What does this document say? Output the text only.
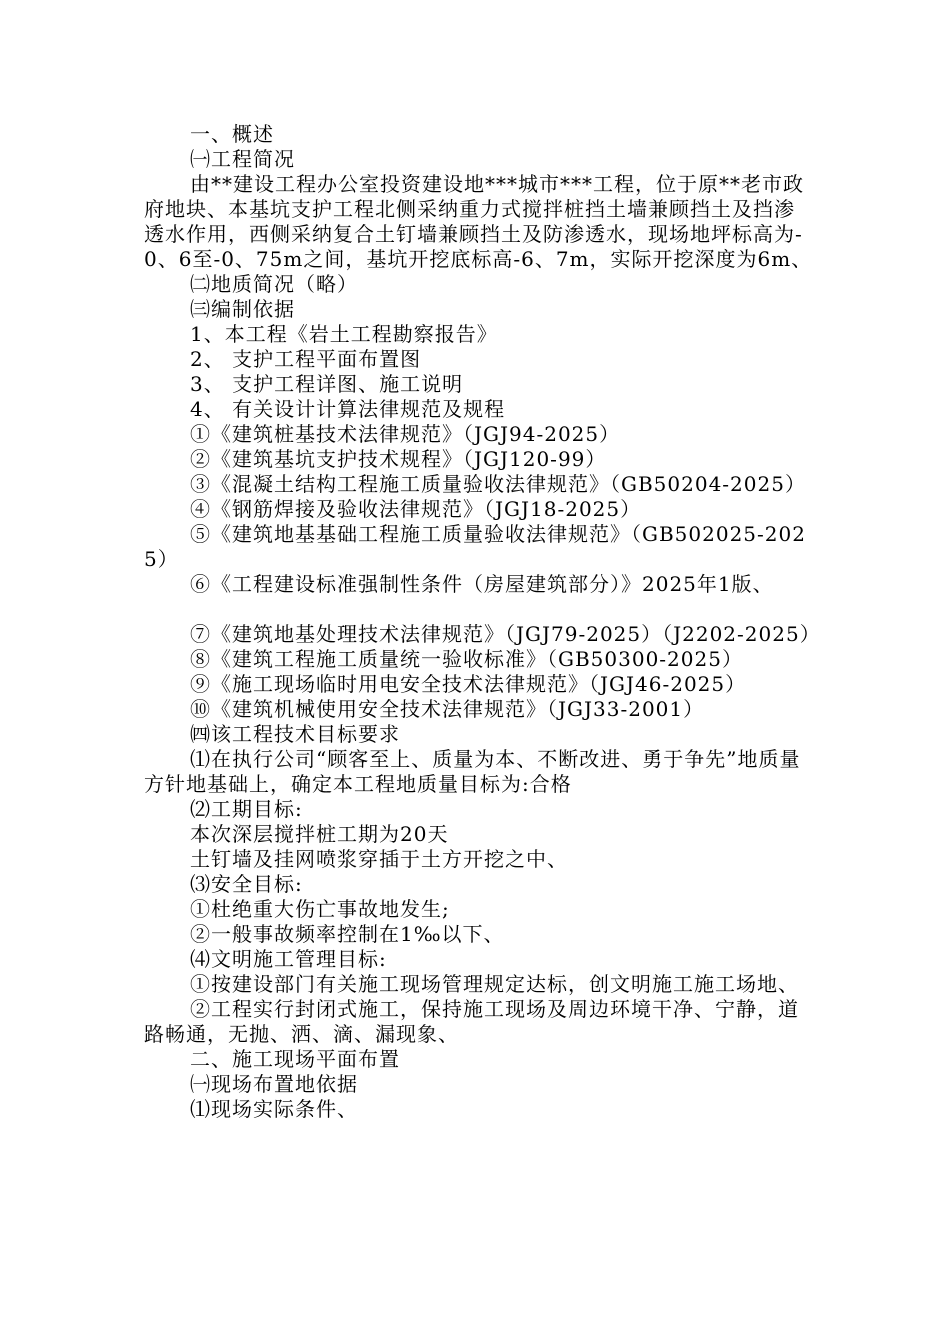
一、概述

㈠工程简况

由**建设工程办公室投资建设地***城市***工程，位于原**老市政府地块、本基坑支护工程北侧采纳重力式搅拌桩挡土墙兼顾挡土及挡渗透水作用，西侧采纳复合土钉墙兼顾挡土及防渗透水，现场地坪标高为-0、6至-0、75m之间，基坑开挖底标高-6、7m，实际开挖深度为6m、

㈡地质简况（略）

㈢编制依据

1、本工程《岩土工程勘察报告》

2、 支护工程平面布置图

3、 支护工程详图、施工说明

4、 有关设计计算法律规范及规程

①《建筑桩基技术法律规范》（JGJ94-2025）

②《建筑基坑支护技术规程》（JGJ120-99）

③《混凝土结构工程施工质量验收法律规范》（GB50204-2025）

④《钢筋焊接及验收法律规范》（JGJ18-2025）

⑤《建筑地基基础工程施工质量验收法律规范》（GB502025-2025）

⑥《工程建设标准强制性条件（房屋建筑部分）》2025年1版、

⑦《建筑地基处理技术法律规范》（JGJ79-2025）（J2202-2025）

⑧《建筑工程施工质量统一验收标准》（GB50300-2025）

⑨《施工现场临时用电安全技术法律规范》（JGJ46-2025）

⑩《建筑机械使用安全技术法律规范》（JGJ33-2001）

㈣该工程技术目标要求

⑴在执行公司“顾客至上、质量为本、不断改进、勇于争先”地质量方针地基础上，确定本工程地质量目标为:合格

⑵工期目标:

本次深层搅拌桩工期为20天

土钉墙及挂网喷浆穿插于土方开挖之中、

⑶安全目标:

①杜绝重大伤亡事故地发生;

②一般事故频率控制在1‰以下、

⑷文明施工管理目标:

①按建设部门有关施工现场管理规定达标，创文明施工施工场地、

②工程实行封闭式施工，保持施工现场及周边环境干净、宁静，道路畅通，无抛、洒、滴、漏现象、

二、施工现场平面布置

㈠现场布置地依据

⑴现场实际条件、
